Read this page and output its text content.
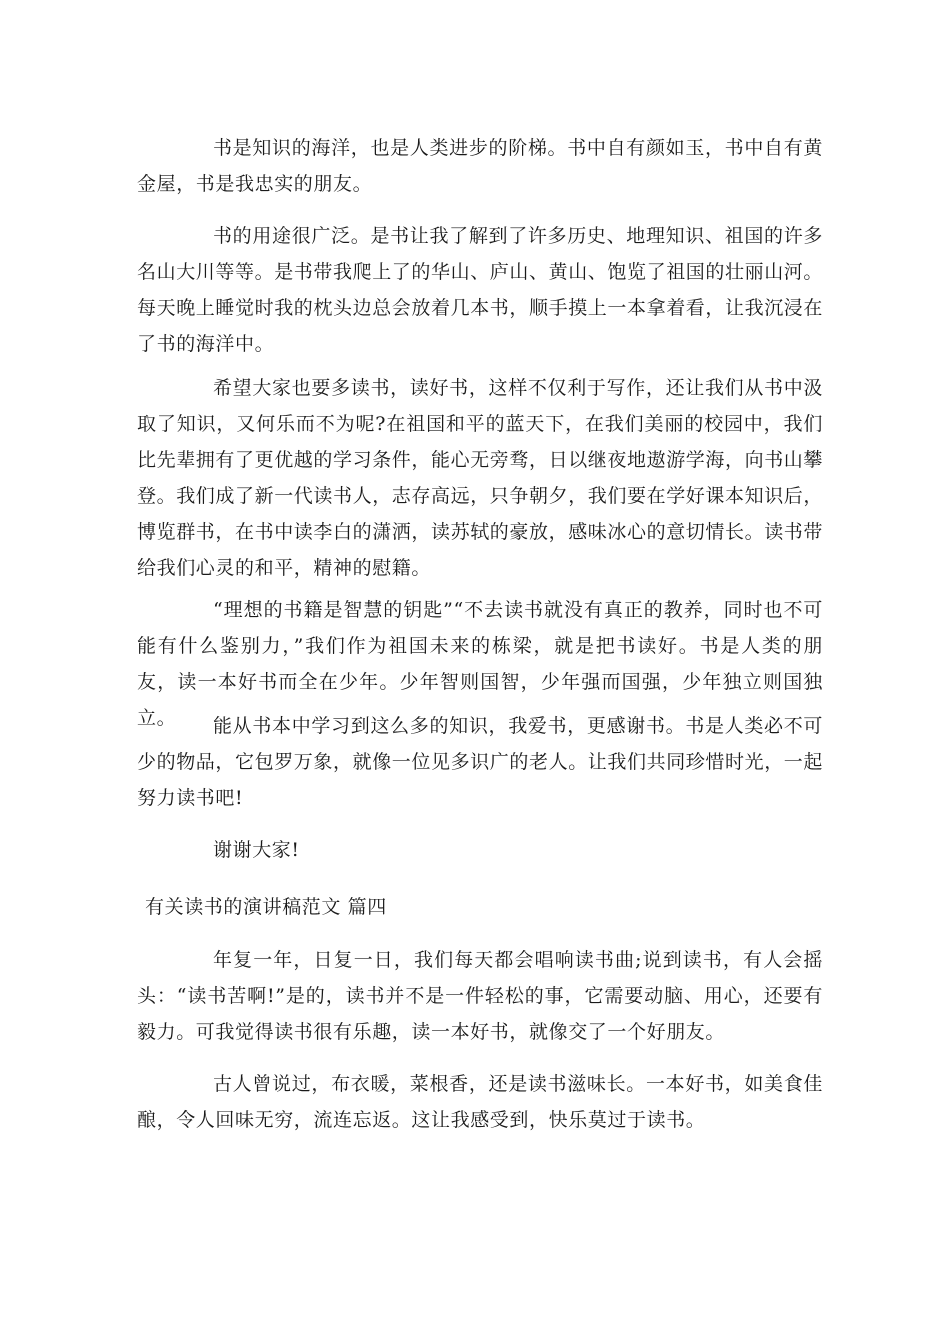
书是知识的海洋，也是人类进步的阶梯。书中自有颜如玉，书中自有黄金屋，书是我忠实的朋友。

书的用途很广泛。是书让我了解到了许多历史、地理知识、祖国的许多名山大川等等。是书带我爬上了的华山、庐山、黄山、饱览了祖国的壮丽山河。每天晚上睡觉时我的枕头边总会放着几本书，顺手摸上一本拿着看，让我沉浸在了书的海洋中。

希望大家也要多读书，读好书，这样不仅利于写作，还让我们从书中汲取了知识，又何乐而不为呢?在祖国和平的蓝天下，在我们美丽的校园中，我们比先辈拥有了更优越的学习条件，能心无旁骛，日以继夜地遨游学海，向书山攀登。我们成了新一代读书人，志存高远，只争朝夕，我们要在学好课本知识后，博览群书，在书中读李白的潇洒，读苏轼的豪放，感味冰心的意切情长。读书带给我们心灵的和平，精神的慰籍。

“理想的书籍是智慧的钥匙”“不去读书就没有真正的教养，同时也不可能有什么鉴别力，”我们作为祖国未来的栋梁，就是把书读好。书是人类的朋友，读一本好书而全在少年。少年智则国智，少年强而国强，少年独立则国独立。	能从书本中学习到这么多的知识，我爱书，更感谢书。书是人类必不可少的物品，它包罗万象，就像一位见多识广的老人。让我们共同珍惜时光，一起努力读书吧!

谢谢大家!

有关读书的演讲稿范文 篇四

年复一年，日复一日，我们每天都会唱响读书曲;说到读书，有人会摇头：“读书苦啊!”是的，读书并不是一件轻松的事，它需要动脑、用心，还要有毅力。可我觉得读书很有乐趣，读一本好书，就像交了一个好朋友。

古人曾说过，布衣暖，菜根香，还是读书滋味长。一本好书，如美食佳酿，令人回味无穷，流连忘返。这让我感受到，快乐莫过于读书。
